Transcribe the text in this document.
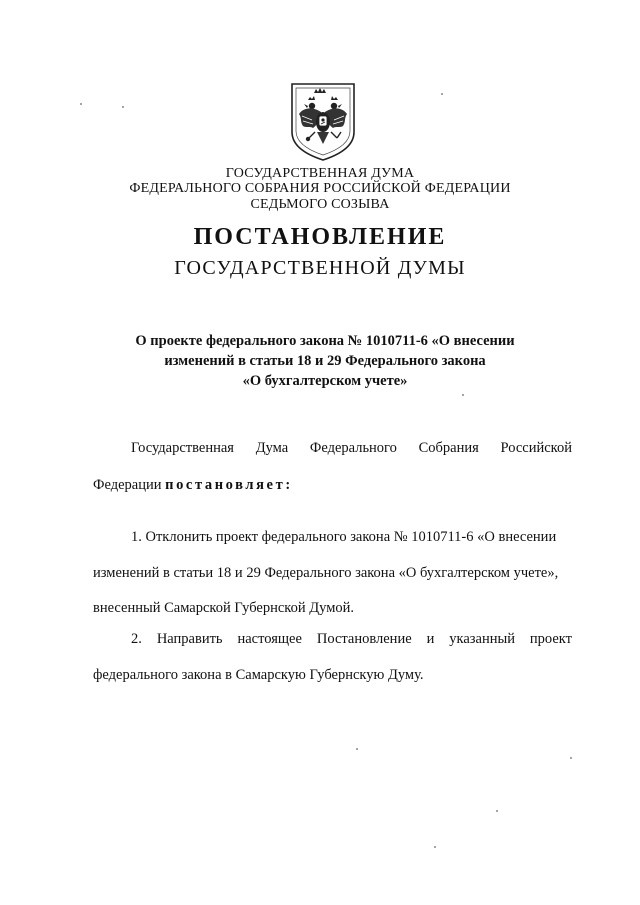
ГОСУДАРСТВЕННАЯ ДУМА
ФЕДЕРАЛЬНОГО СОБРАНИЯ РОССИЙСКОЙ ФЕДЕРАЦИИ
СЕДЬМОГО СОЗЫВА
ПОСТАНОВЛЕНИЕ
ГОСУДАРСТВЕННОЙ ДУМЫ
О проекте федерального закона № 1010711-6 «О внесении
изменений в статьи 18 и 29 Федерального закона
«О бухгалтерском учете»
Государственная Дума Федерального Собрания Российской
Федерации постановляет:
1. Отклонить проект федерального закона № 1010711-6 «О внесении
изменений в статьи 18 и 29 Федерального закона «О бухгалтерском учете»,
внесенный Самарской Губернской Думой.
2. Направить настоящее Постановление и указанный проект
федерального закона в Самарскую Губернскую Думу.
